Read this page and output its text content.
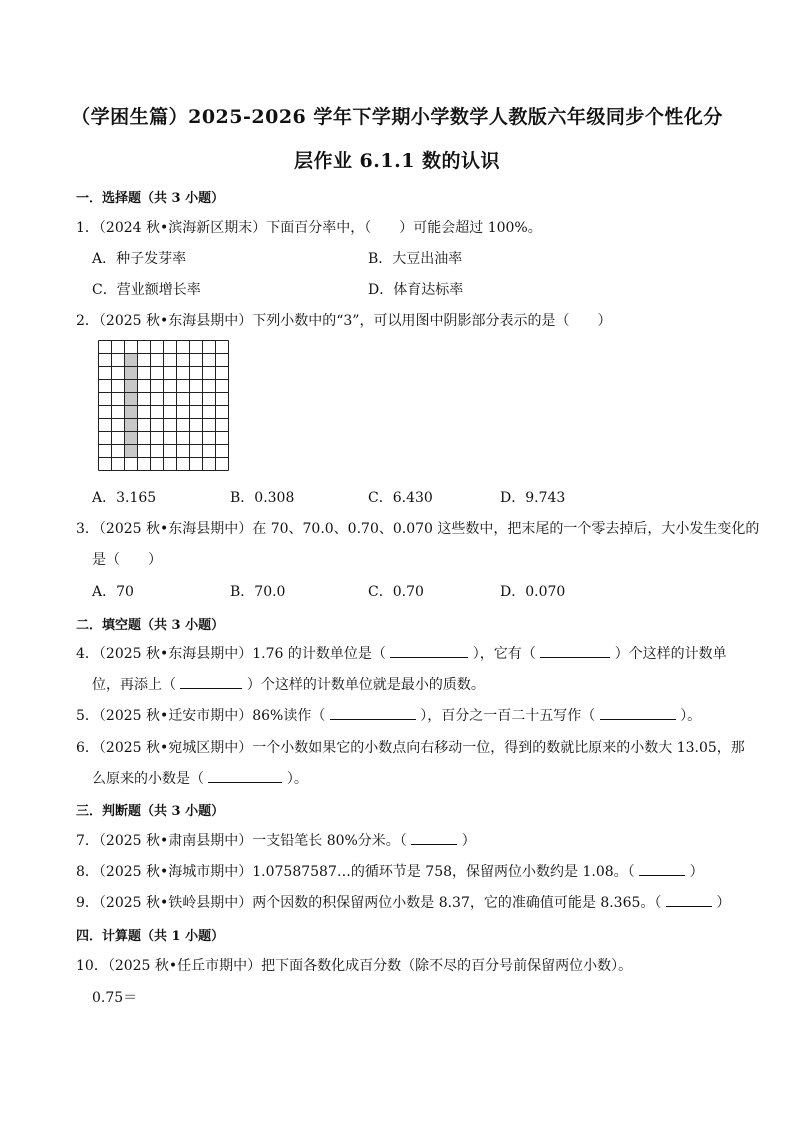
（学困生篇）2025-2026 学年下学期小学数学人教版六年级同步个性化分
层作业 6.1.1 数的认识
一．选择题（共 3 小题）
1．（2024 秋•滨海新区期末）下面百分率中，（　　）可能会超过 100%。
A．种子发芽率	B．大豆出油率
C．营业额增长率	D．体育达标率
2．（2025 秋•东海县期中）下列小数中的“3”，可以用图中阴影部分表示的是（　　）
A．3.165	B．0.308	C．6.430	D．9.743
3．（2025 秋•东海县期中）在 70、70.0、0.70、0.070 这些数中，把末尾的一个零去掉后，大小发生变化的
是（　　）
A．70	B．70.0	C．0.70	D．0.070
二．填空题（共 3 小题）
4．（2025 秋•东海县期中）1.76 的计数单位是（	），它有（	）个这样的计数单
位，再添上（	）个这样的计数单位就是最小的质数。
5．（2025 秋•迁安市期中）86%读作（	），百分之一百二十五写作（	）。
6．（2025 秋•宛城区期中）一个小数如果它的小数点向右移动一位，得到的数就比原来的小数大 13.05，那
么原来的小数是（	）。
三．判断题（共 3 小题）
7．（2025 秋•肃南县期中）一支铅笔长 80%分米。（	）
8．（2025 秋•海城市期中）1.07587587…的循环节是 758，保留两位小数约是 1.08。（	）
9．（2025 秋•铁岭县期中）两个因数的积保留两位小数是 8.37，它的准确值可能是 8.365。（	）
四．计算题（共 1 小题）
10．（2025 秋•任丘市期中）把下面各数化成百分数（除不尽的百分号前保留两位小数）。
0.75＝
